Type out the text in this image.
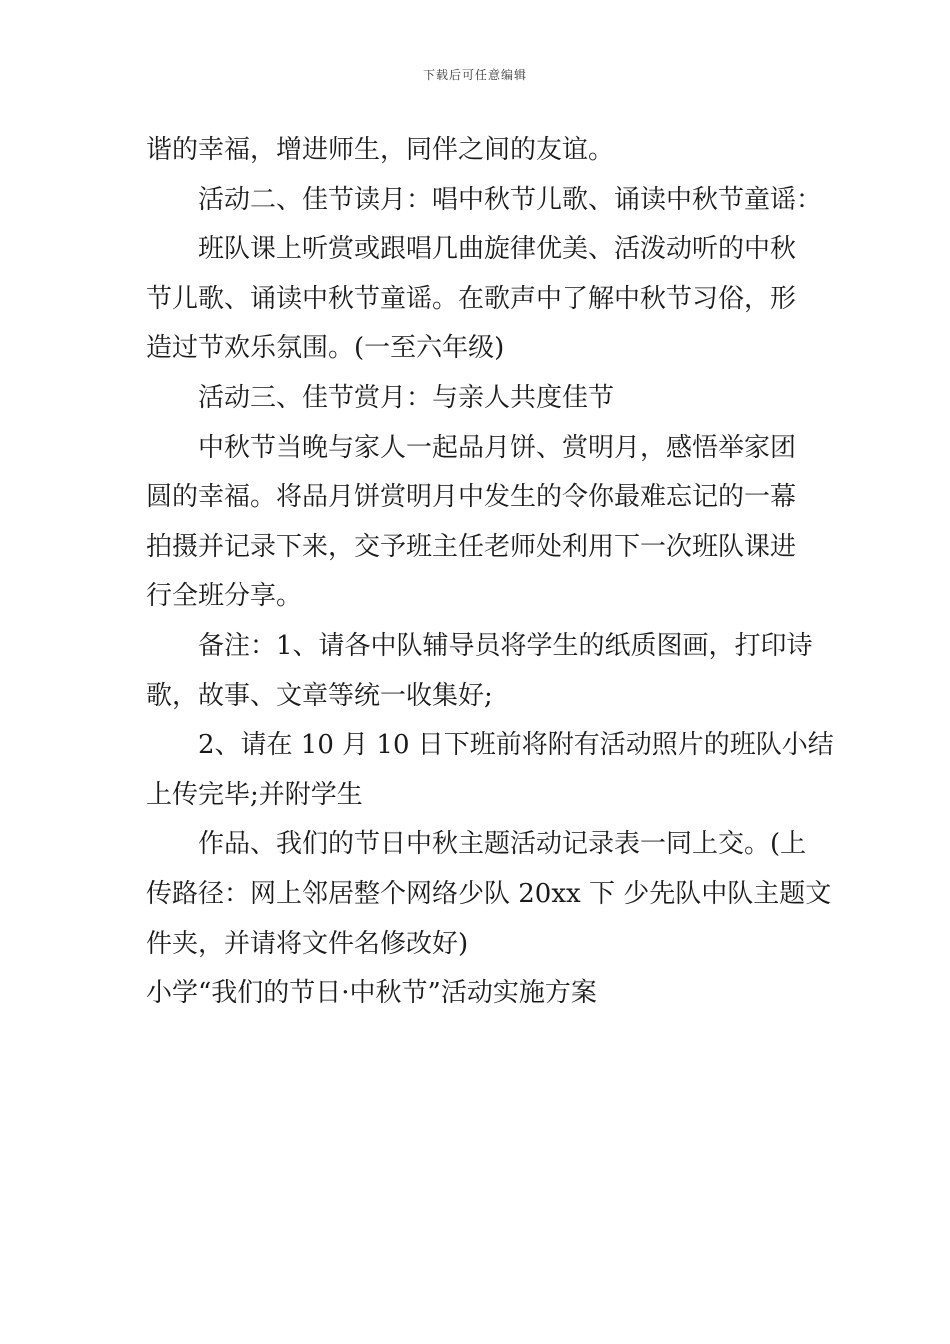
下载后可任意编辑

谐的幸福，增进师生，同伴之间的友谊。

活动二、佳节读月：唱中秋节儿歌、诵读中秋节童谣：

班队课上听赏或跟唱几曲旋律优美、活泼动听的中秋

节儿歌、诵读中秋节童谣。在歌声中了解中秋节习俗，形

造过节欢乐氛围。(一至六年级)

活动三、佳节赏月：与亲人共度佳节

中秋节当晚与家人一起品月饼、赏明月，感悟举家团

圆的幸福。将品月饼赏明月中发生的令你最难忘记的一幕

拍摄并记录下来，交予班主任老师处利用下一次班队课进

行全班分享。

备注：1、请各中队辅导员将学生的纸质图画，打印诗

歌，故事、文章等统一收集好;

2、请在 10 月 10 日下班前将附有活动照片的班队小结

上传完毕;并附学生

作品、我们的节日中秋主题活动记录表一同上交。(上

传路径：网上邻居整个网络少队 20xx 下 少先队中队主题文

件夹，并请将文件名修改好)

小学“我们的节日·中秋节”活动实施方案
